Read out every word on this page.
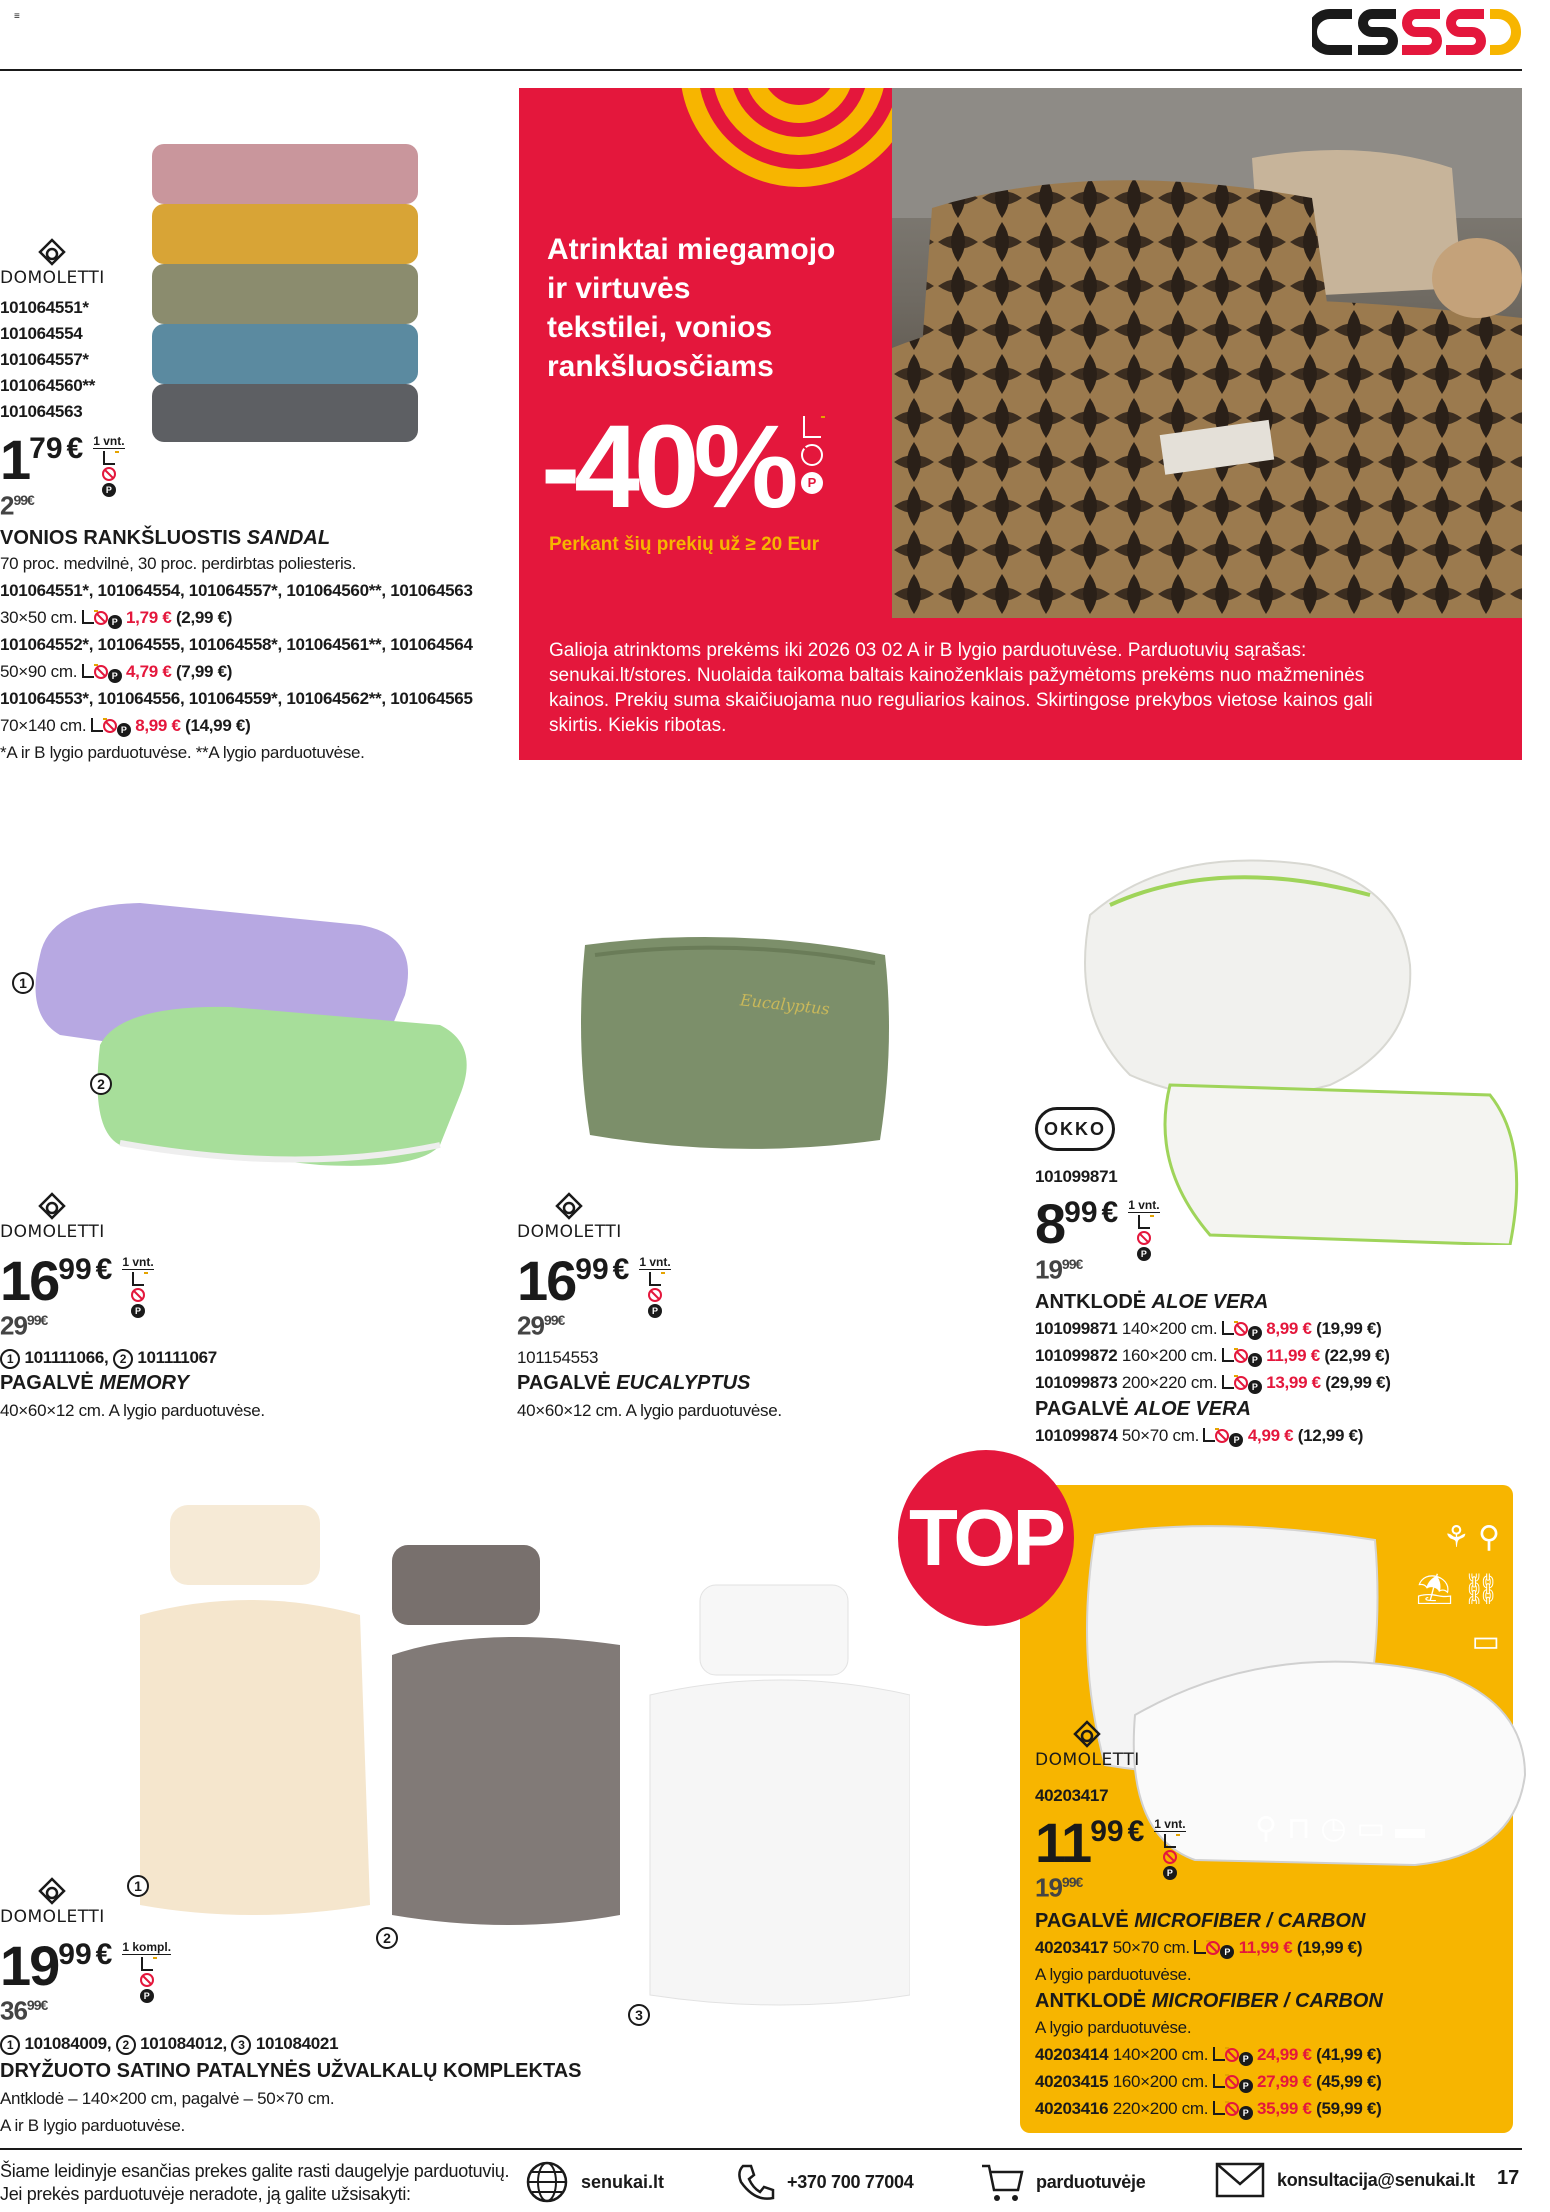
≡
Atrinktai miegamojo
ir virtuvės
tekstilei, vonios
rankšluosčiams
-40%	P
Perkant šių prekių už ≥ 20 Eur
Galioja atrinktoms prekėms iki 2026 03 02 A ir B lygio parduotuvėse. Parduotuvių sąrašas:
senukai.lt/stores. Nuolaida taikoma baltais kainoženklais pažymėtoms prekėms nuo mažmeninės
kainos. Prekių suma skaičiuojama nuo reguliarios kainos. Skirtingose prekybos vietose kainos gali
skirtis. Kiekis ribotas.
DOMOLETTI
101064551*
101064554
101064557*
101064560**
101064563
1 79 € 1 vnt.
P
$2^{99€}$
VONIOS RANKŠLUOSTIS SANDAL
70 proc. medvilnė, 30 proc. perdirbtas poliesteris.
101064551*, 101064554, 101064557*, 101064560**, 101064563
30×50 cm.	P 1,79 € (2,99 €)
101064552*, 101064555, 101064558*, 101064561**, 101064564
50×90 cm.	P 4,79 € (7,99 €)
101064553*, 101064556, 101064559*, 101064562**, 101064565
70×140 cm.	P 8,99 € (14,99 €)
*A ir B lygio parduotuvėse. **A lygio parduotuvėse.
1
2
DOMOLETTI
16 99 € 1 vnt.
P
$29^{99€}$
1 101111066, 2 101111067
PAGALVĖ MEMORY
40×60×12 cm. A lygio parduotuvėse.
Eucalyptus
DOMOLETTI
16 99 € 1 vnt.
P
$29^{99€}$
101154553
PAGALVĖ EUCALYPTUS
40×60×12 cm. A lygio parduotuvėse.
OKKO
101099871
8 99 € 1 vnt.
P
$19^{99€}$
ANTKLODĖ ALOE VERA
101099871 140×200 cm.	P 8,99 € (19,99 €)
101099872 160×200 cm.	P 11,99 € (22,99 €)
101099873 200×220 cm.	P 13,99 € (29,99 €)
PAGALVĖ ALOE VERA
101099874 50×70 cm.	P 4,99 € (12,99 €)
1
2
3
DOMOLETTI
19 99 € 1 kompl.
P
$36^{99€}$
1 101084009, 2 101084012, 3 101084021
DRYŽUOTO SATINO PATALYNĖS UŽVALKALŲ KOMPLEKTAS
Antklodė – 140×200 cm, pagalvė – 50×70 cm.
A ir B lygio parduotuvėse.
TOP	⚘ ⚲
⛱ ⛓
▭
⚲⊓◷▭▬
DOMOLETTI
40203417
11 99 € 1 vnt.
P
$19^{99€}$
PAGALVĖ MICROFIBER / CARBON
40203417 50×70 cm.	P 11,99 € (19,99 €)
A lygio parduotuvėse.
ANTKLODĖ MICROFIBER / CARBON
A lygio parduotuvėse.
40203414 140×200 cm.	P 24,99 € (41,99 €)
40203415 160×200 cm.	P 27,99 € (45,99 €)
40203416 220×200 cm.	P 35,99 € (59,99 €)
Šiame leidinyje esančias prekes galite rasti daugelyje parduotuvių.
Jei prekės parduotuvėje neradote, ją galite užsisakyti:
senukai.lt	+370 700 77004	parduotuvėje	konsultacija@senukai.lt 17
